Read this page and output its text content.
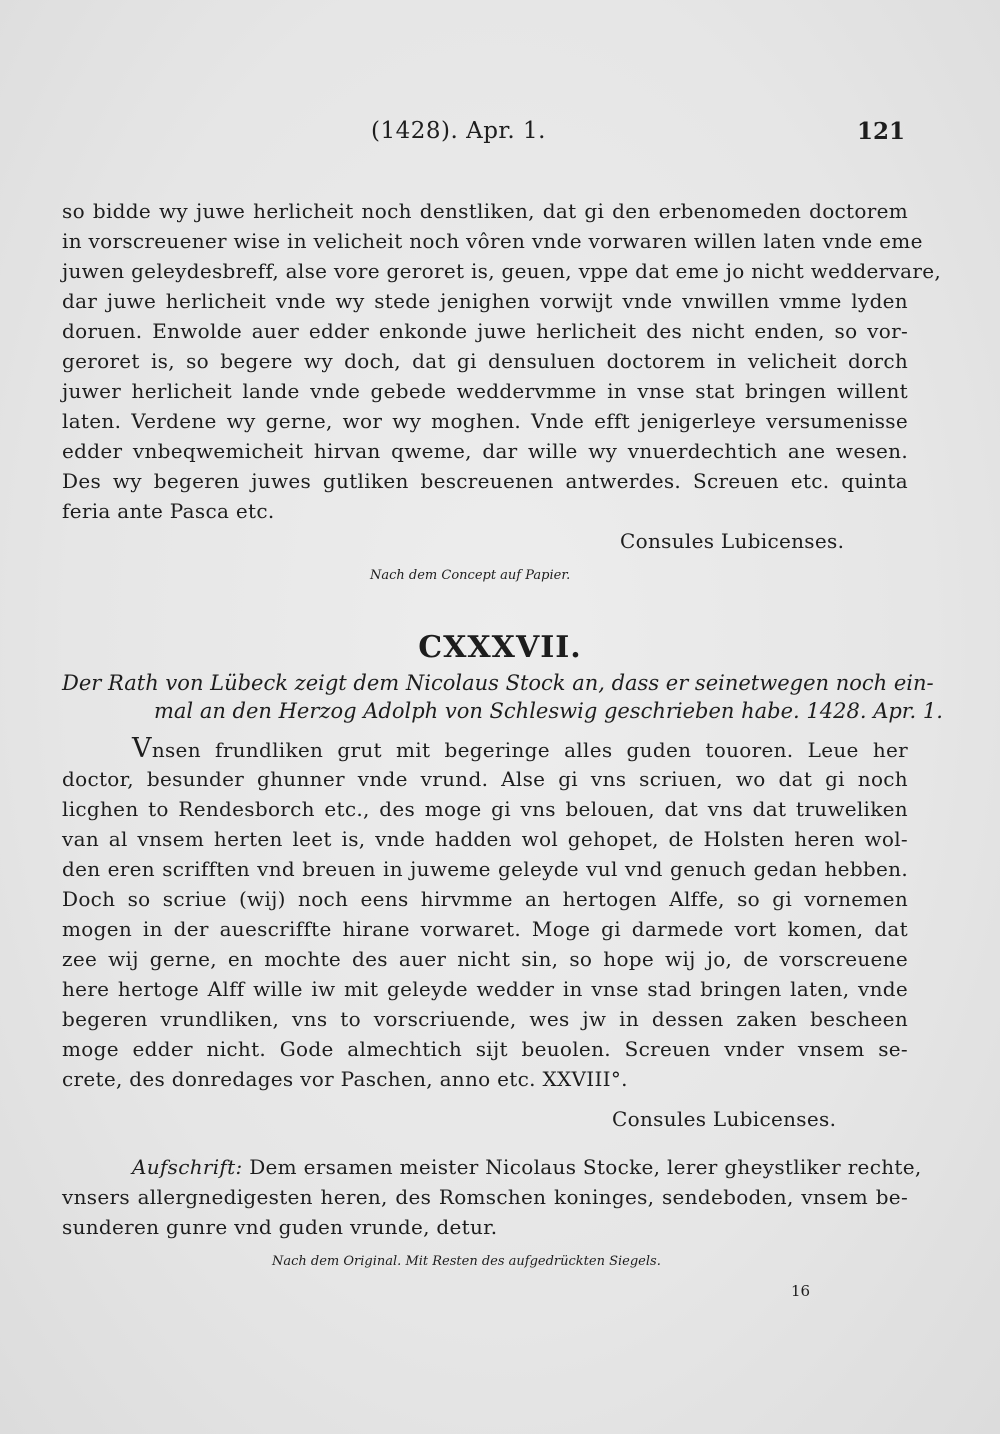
(1428). Apr. 1.	121
so bidde wy juwe herlicheit noch denstliken, dat gi den erbenomeden doctorem
in vorscreuener wise in velicheit noch vôren vnde vorwaren willen laten vnde eme
juwen geleydesbreff, alse vore geroret is, geuen, vppe dat eme jo nicht weddervare,
dar juwe herlicheit vnde wy stede jenighen vorwijt vnde vnwillen vmme lyden
doruen. Enwolde auer edder enkonde juwe herlicheit des nicht enden, so vor-
geroret is, so begere wy doch, dat gi densuluen doctorem in velicheit dorch
juwer herlicheit lande vnde gebede weddervmme in vnse stat bringen willent
laten. Verdene wy gerne, wor wy moghen. Vnde efft jenigerleye versumenisse
edder vnbeqwemicheit hirvan qweme, dar wille wy vnuerdechtich ane wesen.
Des wy begeren juwes gutliken bescreuenen antwerdes. Screuen etc. quinta
feria ante Pasca etc.
Consules Lubicenses.
Nach dem Concept auf Papier.
CXXXVII.
Der Rath von Lübeck zeigt dem Nicolaus Stock an, dass er seinetwegen noch ein-
mal an den Herzog Adolph von Schleswig geschrieben habe. 1428. Apr. 1.
Vnsen frundliken grut mit begeringe alles guden touoren. Leue her
doctor, besunder ghunner vnde vrund. Alse gi vns scriuen, wo dat gi noch
licghen to Rendesborch etc., des moge gi vns belouen, dat vns dat truweliken
van al vnsem herten leet is, vnde hadden wol gehopet, de Holsten heren wol-
den eren scrifften vnd breuen in juweme geleyde vul vnd genuch gedan hebben.
Doch so scriue (wij) noch eens hirvmme an hertogen Alffe, so gi vornemen
mogen in der auescriffte hirane vorwaret. Moge gi darmede vort komen, dat
zee wij gerne, en mochte des auer nicht sin, so hope wij jo, de vorscreuene
here hertoge Alff wille iw mit geleyde wedder in vnse stad bringen laten, vnde
begeren vrundliken, vns to vorscriuende, wes jw in dessen zaken bescheen
moge edder nicht. Gode almechtich sijt beuolen. Screuen vnder vnsem se-
crete, des donredages vor Paschen, anno etc. XXVIII°.
Consules Lubicenses.
Aufschrift: Dem ersamen meister Nicolaus Stocke, lerer gheystliker rechte,
vnsers allergnedigesten heren, des Romschen koninges, sendeboden, vnsem be-
sunderen gunre vnd guden vrunde, detur.
Nach dem Original. Mit Resten des aufgedrückten Siegels.
16
